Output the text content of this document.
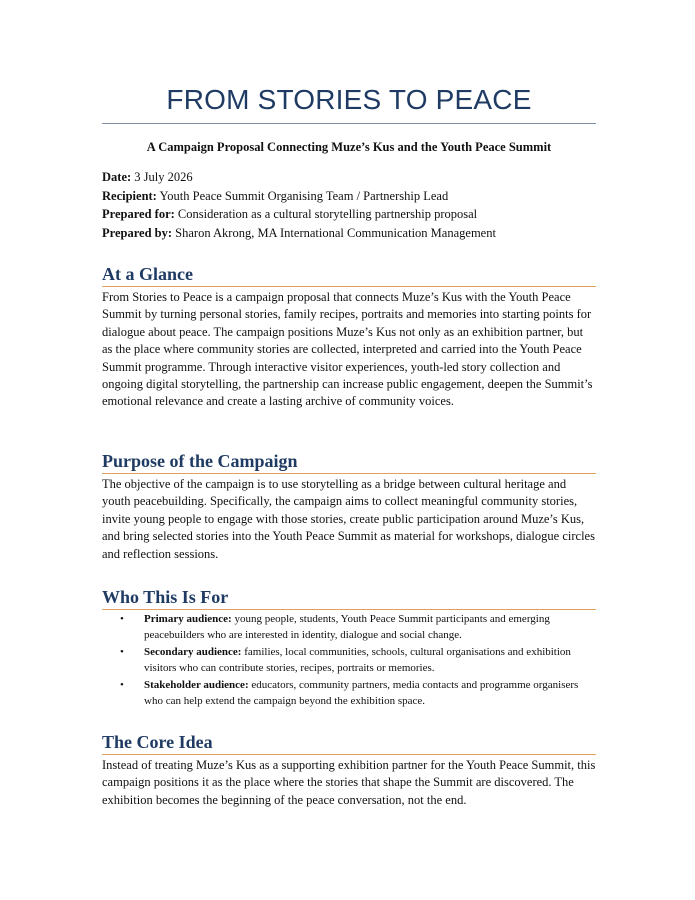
FROM STORIES TO PEACE
A Campaign Proposal Connecting Muze’s Kus and the Youth Peace Summit
Date: 3 July 2026
Recipient: Youth Peace Summit Organising Team / Partnership Lead
Prepared for: Consideration as a cultural storytelling partnership proposal
Prepared by: Sharon Akrong, MA International Communication Management
At a Glance

From Stories to Peace is a campaign proposal that connects Muze’s Kus with the Youth Peace Summit by turning personal stories, family recipes, portraits and memories into starting points for dialogue about peace. The campaign positions Muze’s Kus not only as an exhibition partner, but as the place where community stories are collected, interpreted and carried into the Youth Peace Summit programme. Through interactive visitor experiences, youth-led story collection and ongoing digital storytelling, the partnership can increase public engagement, deepen the Summit’s emotional relevance and create a lasting archive of community voices.

Purpose of the Campaign

The objective of the campaign is to use storytelling as a bridge between cultural heritage and youth peacebuilding. Specifically, the campaign aims to collect meaningful community stories, invite young people to engage with those stories, create public participation around Muze’s Kus, and bring selected stories into the Youth Peace Summit as material for workshops, dialogue circles and reflection sessions.

Who This Is For
• Primary audience: young people, students, Youth Peace Summit participants and emerging peacebuilders who are interested in identity, dialogue and social change.
• Secondary audience: families, local communities, schools, cultural organisations and exhibition visitors who can contribute stories, recipes, portraits or memories.
• Stakeholder audience: educators, community partners, media contacts and programme organisers who can help extend the campaign beyond the exhibition space.
The Core Idea

Instead of treating Muze’s Kus as a supporting exhibition partner for the Youth Peace Summit, this campaign positions it as the place where the stories that shape the Summit are discovered. The exhibition becomes the beginning of the peace conversation, not the end.
